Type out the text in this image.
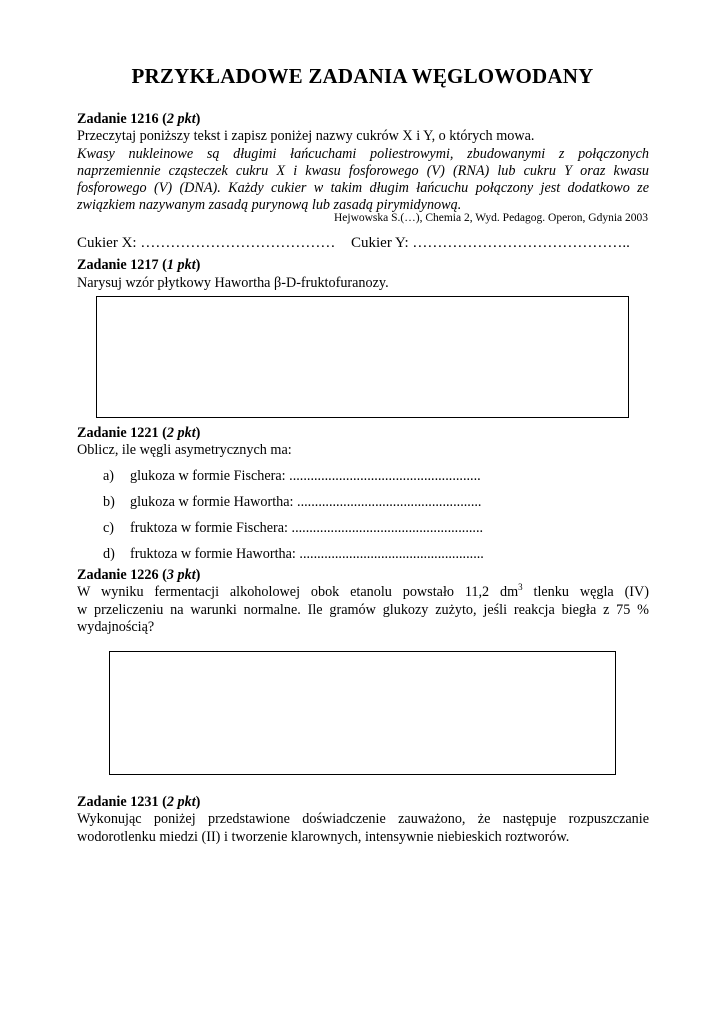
PRZYKŁADOWE ZADANIA WĘGLOWODANY
Zadanie 1216 (2 pkt)
Przeczytaj poniższy tekst i zapisz poniżej nazwy cukrów X i Y, o których mowa.
Kwasy nukleinowe są długimi łańcuchami poliestrowymi, zbudowanymi z połączonych
naprzemiennie cząsteczek cukru X i kwasu fosforowego (V) (RNA) lub cukru Y oraz kwasu
fosforowego (V) (DNA). Każdy cukier w takim długim łańcuchu połączony jest dodatkowo ze
związkiem nazywanym zasadą purynową lub zasadą pirymidynową.
Hejwowska S.(…), Chemia 2, Wyd. Pedagog. Operon, Gdynia 2003
Cukier X: ………………………………… Cukier Y: ……………………………………..
Zadanie 1217 (1 pkt)
Narysuj wzór płytkowy Hawortha β-D-fruktofuranozy.
Zadanie 1221 (2 pkt)
Oblicz, ile węgli asymetrycznych ma:
a) glukoza w formie Fischera: ......................................................
b) glukoza w formie Hawortha: ....................................................
c) fruktoza w formie Fischera: ......................................................
d) fruktoza w formie Hawortha: ....................................................
Zadanie 1226 (3 pkt)
W wyniku fermentacji alkoholowej obok etanolu powstało 11,2 $dm^3$ tlenku węgla (IV)
w przeliczeniu na warunki normalne. Ile gramów glukozy zużyto, jeśli reakcja biegła z 75 %
wydajnością?
Zadanie 1231 (2 pkt)
Wykonując poniżej przedstawione doświadczenie zauważono, że następuje rozpuszczanie
wodorotlenku miedzi (II) i tworzenie klarownych, intensywnie niebieskich roztworów.
